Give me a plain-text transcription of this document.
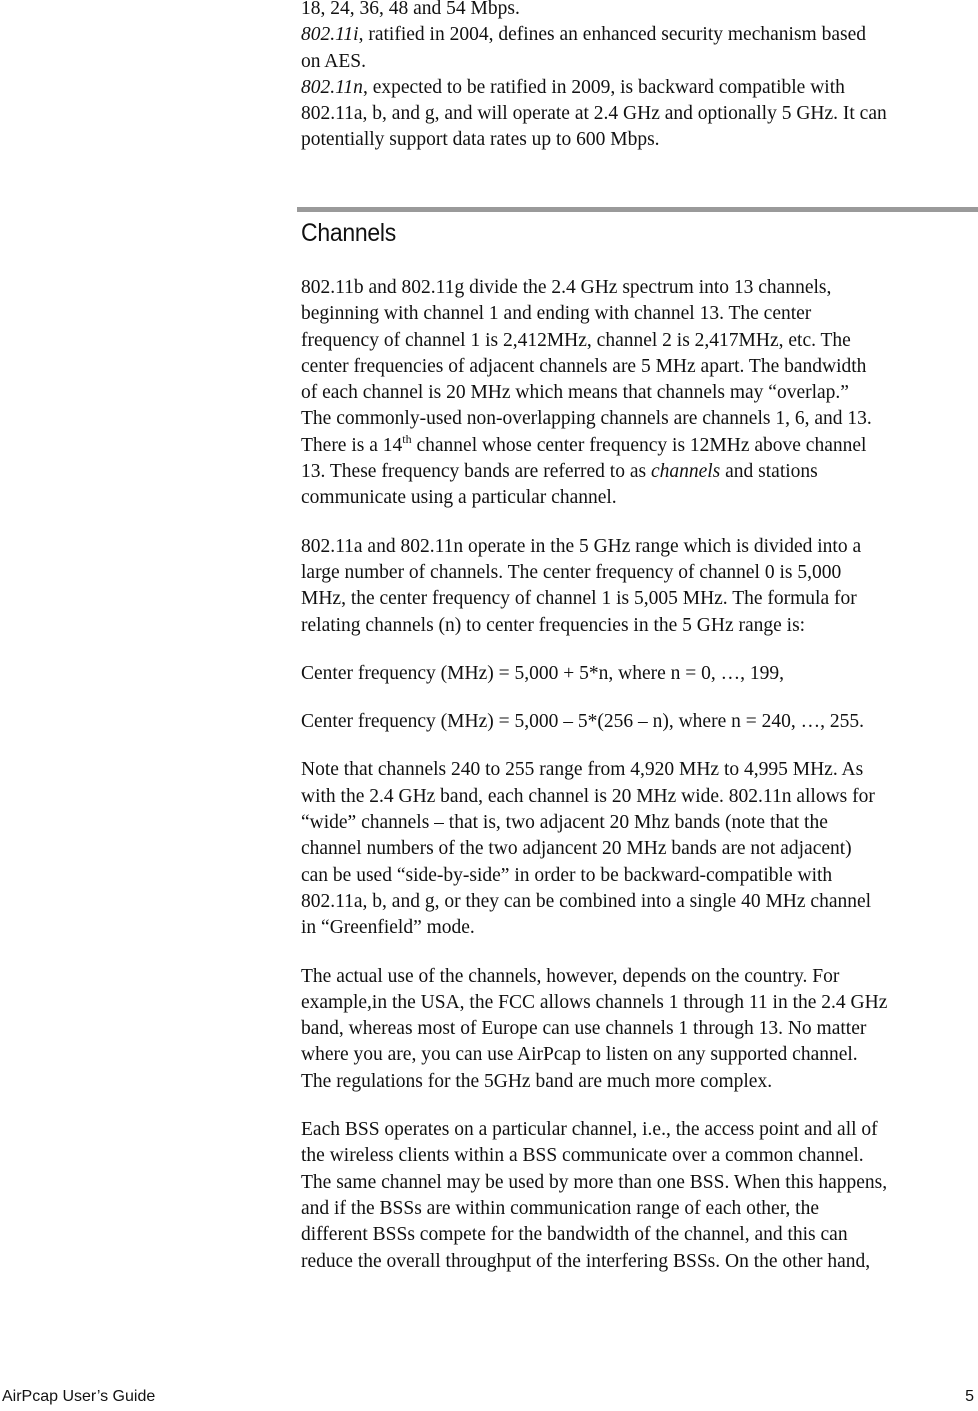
18, 24, 36, 48 and 54 Mbps.

802.11i, ratified in 2004, defines an enhanced security mechanism based

on AES.

802.11n, expected to be ratified in 2009, is backward compatible with

802.11a, b, and g, and will operate at 2.4 GHz and optionally 5 GHz. It can

potentially support data rates up to 600 Mbps.

Channels

802.11b and 802.11g divide the 2.4 GHz spectrum into 13 channels,

beginning with channel 1 and ending with channel 13. The center

frequency of channel 1 is 2,412MHz, channel 2 is 2,417MHz, etc. The

center frequencies of adjacent channels are 5 MHz apart. The bandwidth

of each channel is 20 MHz which means that channels may “overlap.”

The commonly-used non-overlapping channels are channels 1, 6, and 13.

There is a 14th channel whose center frequency is 12MHz above channel

13. These frequency bands are referred to as channels and stations

communicate using a particular channel.

802.11a and 802.11n operate in the 5 GHz range which is divided into a

large number of channels. The center frequency of channel 0 is 5,000

MHz, the center frequency of channel 1 is 5,005 MHz. The formula for

relating channels (n) to center frequencies in the 5 GHz range is:

Center frequency (MHz) = 5,000 + 5*n, where n = 0, …, 199,

Center frequency (MHz) = 5,000 – 5*(256 – n), where n = 240, …, 255.

Note that channels 240 to 255 range from 4,920 MHz to 4,995 MHz. As

with the 2.4 GHz band, each channel is 20 MHz wide. 802.11n allows for

“wide” channels – that is, two adjacent 20 Mhz bands (note that the

channel numbers of the two adjancent 20 MHz bands are not adjacent)

can be used “side-by-side” in order to be backward-compatible with

802.11a, b, and g, or they can be combined into a single 40 MHz channel

in “Greenfield” mode.

The actual use of the channels, however, depends on the country. For

example,in the USA, the FCC allows channels 1 through 11 in the 2.4 GHz

band, whereas most of Europe can use channels 1 through 13. No matter

where you are, you can use AirPcap to listen on any supported channel.

The regulations for the 5GHz band are much more complex.

Each BSS operates on a particular channel, i.e., the access point and all of

the wireless clients within a BSS communicate over a common channel.

The same channel may be used by more than one BSS. When this happens,

and if the BSSs are within communication range of each other, the

different BSSs compete for the bandwidth of the channel, and this can

reduce the overall throughput of the interfering BSSs. On the other hand,

AirPcap User’s Guide	5
